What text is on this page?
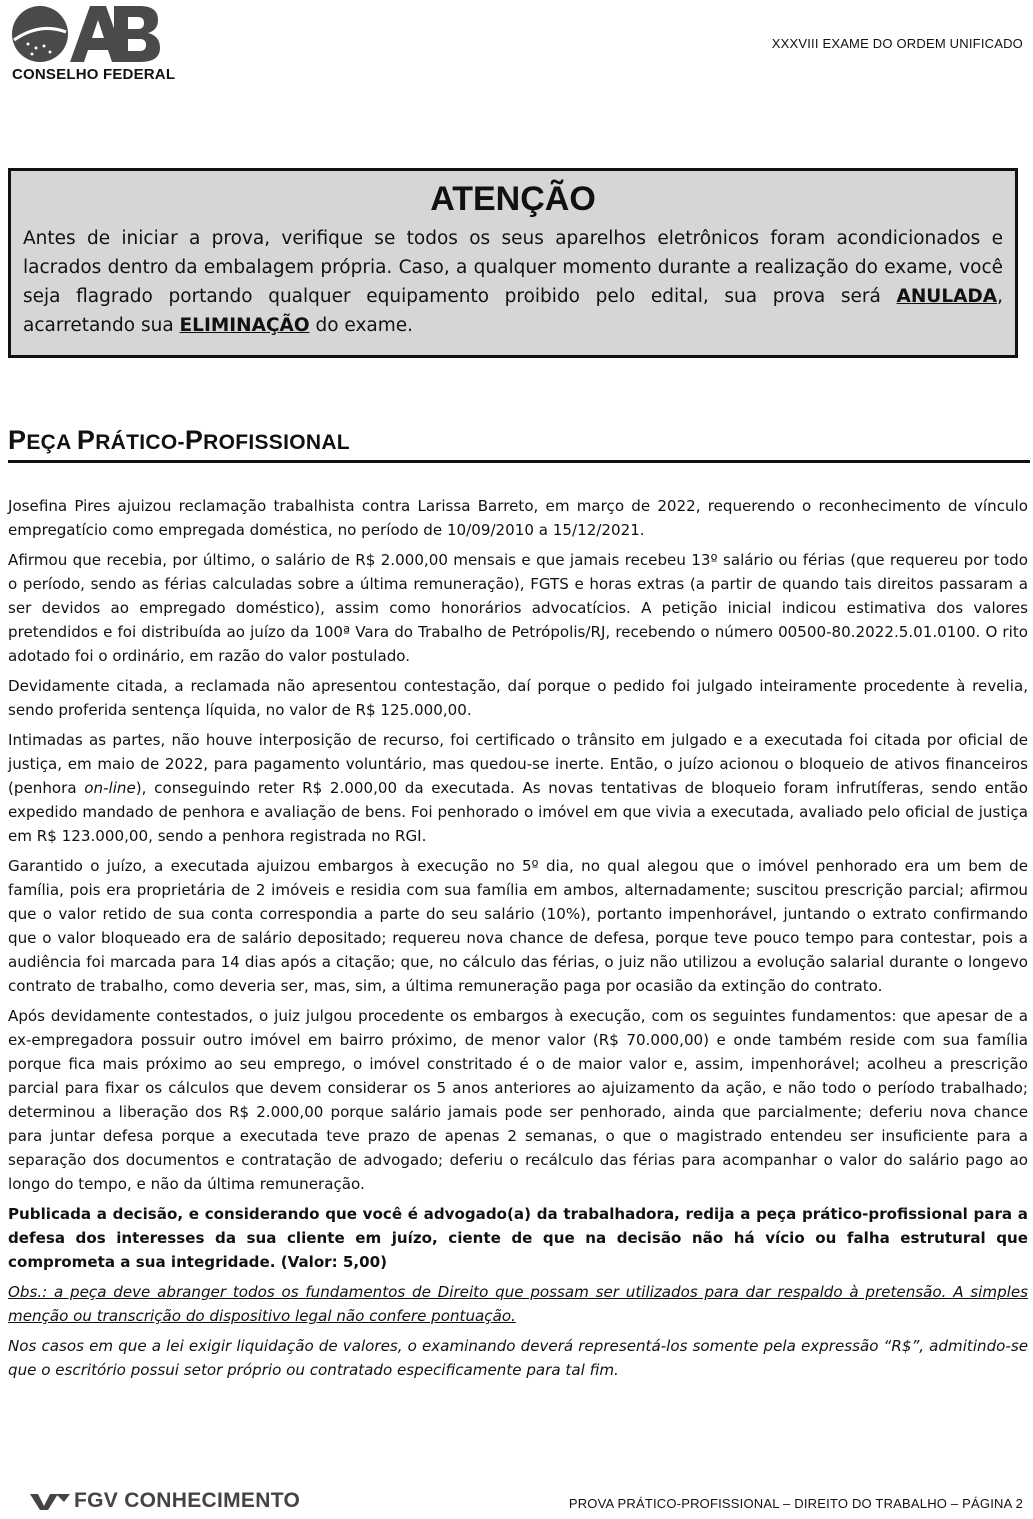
CONSELHO FEDERAL
XXXVIII EXAME DO ORDEM UNIFICADO
ATENÇÃO

Antes de iniciar a prova, verifique se todos os seus aparelhos eletrônicos foram acondicionados e lacrados dentro da embalagem própria. Caso, a qualquer momento durante a realização do exame, você seja flagrado portando qualquer equipamento proibido pelo edital, sua prova será ANULADA, acarretando sua ELIMINAÇÃO do exame.

PEÇA PRÁTICO-PROFISSIONAL

Josefina Pires ajuizou reclamação trabalhista contra Larissa Barreto, em março de 2022, requerendo o reconhecimento de vínculo empregatício como empregada doméstica, no período de 10/09/2010 a 15/12/2021.

Afirmou que recebia, por último, o salário de R$ 2.000,00 mensais e que jamais recebeu 13º salário ou férias (que requereu por todo o período, sendo as férias calculadas sobre a última remuneração), FGTS e horas extras (a partir de quando tais direitos passaram a ser devidos ao empregado doméstico), assim como honorários advocatícios. A petição inicial indicou estimativa dos valores pretendidos e foi distribuída ao juízo da 100ª Vara do Trabalho de Petrópolis/RJ, recebendo o número 00500-80.2022.5.01.0100. O rito adotado foi o ordinário, em razão do valor postulado.

Devidamente citada, a reclamada não apresentou contestação, daí porque o pedido foi julgado inteiramente procedente à revelia, sendo proferida sentença líquida, no valor de R$ 125.000,00.

Intimadas as partes, não houve interposição de recurso, foi certificado o trânsito em julgado e a executada foi citada por oficial de justiça, em maio de 2022, para pagamento voluntário, mas quedou-se inerte. Então, o juízo acionou o bloqueio de ativos financeiros (penhora on-line), conseguindo reter R$ 2.000,00 da executada. As novas tentativas de bloqueio foram infrutíferas, sendo então expedido mandado de penhora e avaliação de bens. Foi penhorado o imóvel em que vivia a executada, avaliado pelo oficial de justiça em R$ 123.000,00, sendo a penhora registrada no RGI.

Garantido o juízo, a executada ajuizou embargos à execução no 5º dia, no qual alegou que o imóvel penhorado era um bem de família, pois era proprietária de 2 imóveis e residia com sua família em ambos, alternadamente; suscitou prescrição parcial; afirmou que o valor retido de sua conta correspondia a parte do seu salário (10%), portanto impenhorável, juntando o extrato confirmando que o valor bloqueado era de salário depositado; requereu nova chance de defesa, porque teve pouco tempo para contestar, pois a audiência foi marcada para 14 dias após a citação; que, no cálculo das férias, o juiz não utilizou a evolução salarial durante o longevo contrato de trabalho, como deveria ser, mas, sim, a última remuneração paga por ocasião da extinção do contrato.

Após devidamente contestados, o juiz julgou procedente os embargos à execução, com os seguintes fundamentos: que apesar de a ex-empregadora possuir outro imóvel em bairro próximo, de menor valor (R$ 70.000,00) e onde também reside com sua família porque fica mais próximo ao seu emprego, o imóvel constritado é o de maior valor e, assim, impenhorável; acolheu a prescrição parcial para fixar os cálculos que devem considerar os 5 anos anteriores ao ajuizamento da ação, e não todo o período trabalhado; determinou a liberação dos R$ 2.000,00 porque salário jamais pode ser penhorado, ainda que parcialmente; deferiu nova chance para juntar defesa porque a executada teve prazo de apenas 2 semanas, o que o magistrado entendeu ser insuficiente para a separação dos documentos e contratação de advogado; deferiu o recálculo das férias para acompanhar o valor do salário pago ao longo do tempo, e não da última remuneração.

Publicada a decisão, e considerando que você é advogado(a) da trabalhadora, redija a peça prático-profissional para a defesa dos interesses da sua cliente em juízo, ciente de que na decisão não há vício ou falha estrutural que comprometa a sua integridade. (Valor: 5,00)

Obs.: a peça deve abranger todos os fundamentos de Direito que possam ser utilizados para dar respaldo à pretensão. A simples menção ou transcrição do dispositivo legal não confere pontuação.

Nos casos em que a lei exigir liquidação de valores, o examinando deverá representá-los somente pela expressão “R$”, admitindo-se que o escritório possui setor próprio ou contratado especificamente para tal fim.

FGV CONHECIMENTO	PROVA PRÁTICO-PROFISSIONAL – DIREITO DO TRABALHO – PÁGINA 2
